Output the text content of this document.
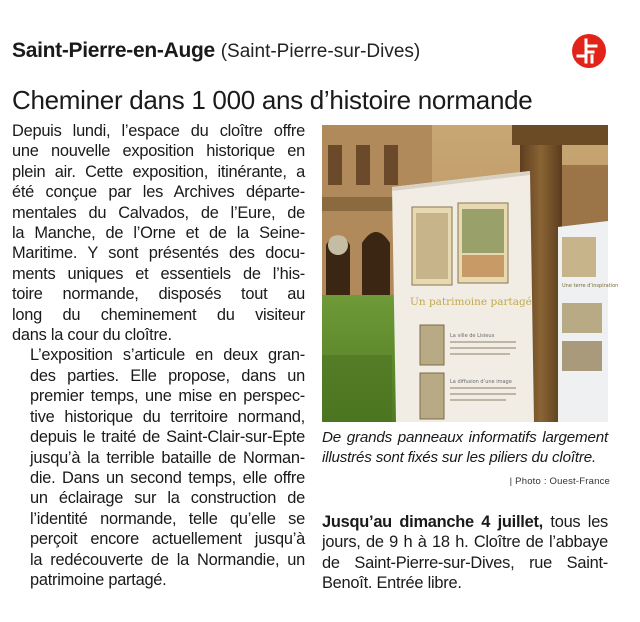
Saint-Pierre-en-Auge (Saint-Pierre-sur-Dives)
Cheminer dans 1 000 ans d’histoire normande

Depuis lundi, l’espace du cloître offre
une nouvelle exposition historique en
plein air. Cette exposition, itinérante, a
été conçue par les Archives départe-
mentales du Calvados, de l’Eure, de
la Manche, de l’Orne et de la Seine-
Maritime. Y sont présentés des docu-
ments uniques et essentiels de l’his-
toire normande, disposés tout au
long du cheminement du visiteur
dans la cour du cloître.

L’exposition s’articule en deux gran-
des parties. Elle propose, dans un
premier temps, une mise en perspec-
tive historique du territoire normand,
depuis le traité de Saint-Clair-sur-Epte
jusqu’à la terrible bataille de Norman-
die. Dans un second temps, elle offre
un éclairage sur la construction de
l’identité normande, telle qu’elle se
perçoit encore actuellement jusqu’à
la redécouverte de la Normandie, un
patrimoine partagé.

Un patrimoine partagé
La ville de Lisieux
La diffusion d’une image
Une terre d’inspiration
De grands panneaux informatifs largement illustrés sont fixés sur les piliers du cloître.
| Photo : Ouest-France
Jusqu’au dimanche 4 juillet, tous les jours, de 9 h à 18 h. Cloître de l’abbaye de Saint-Pierre-sur-Dives, rue Saint-Benoît. Entrée libre.
